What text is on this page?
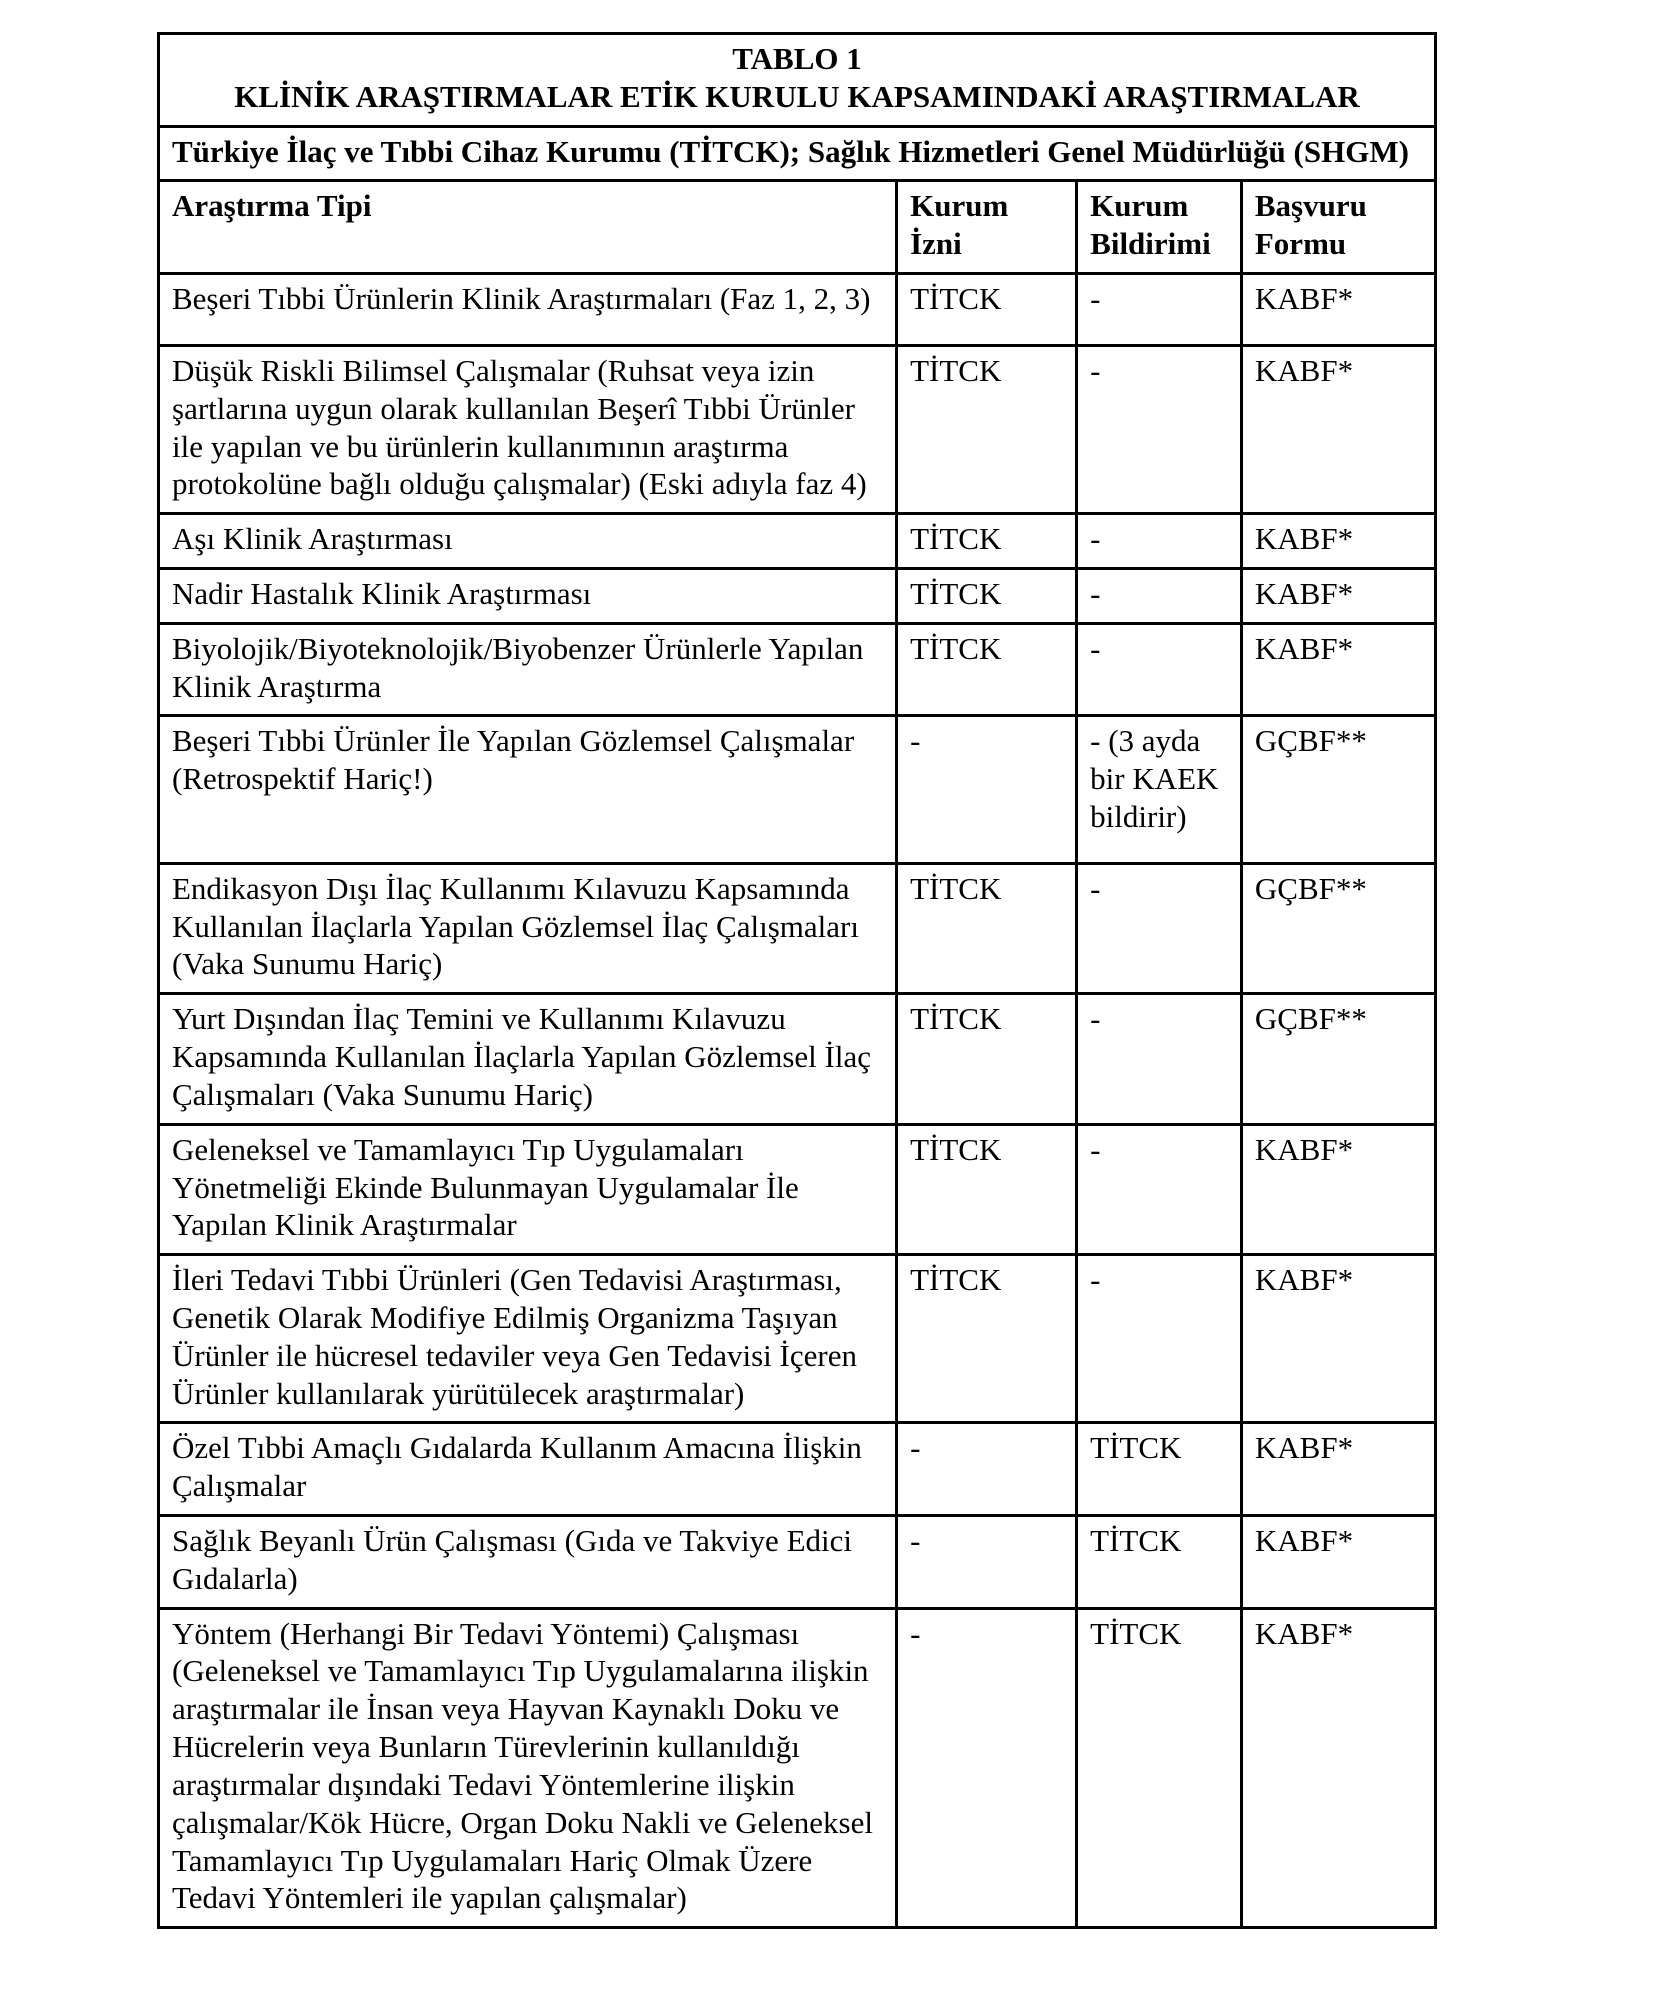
TABLO 1
KLİNİK ARAŞTIRMALAR ETİK KURULU KAPSAMINDAKİ ARAŞTIRMALAR			

Türkiye İlaç ve Tıbbi Cihaz Kurumu (TİTCK); Sağlık Hizmetleri Genel Müdürlüğü (SHGM)			
Araştırma Tipi	Kurum İzni	Kurum Bildirimi	Başvuru Formu
Beşeri Tıbbi Ürünlerin Klinik Araştırmaları (Faz 1, 2, 3)	TİTCK	-	KABF*
Düşük Riskli Bilimsel Çalışmalar (Ruhsat veya izin şartlarına uygun olarak kullanılan Beşerî Tıbbi Ürünler ile yapılan ve bu ürünlerin kullanımının araştırma protokolüne bağlı olduğu çalışmalar) (Eski adıyla faz 4)	TİTCK	-	KABF*
Aşı Klinik Araştırması	TİTCK	-	KABF*
Nadir Hastalık Klinik Araştırması	TİTCK	-	KABF*
Biyolojik/Biyoteknolojik/Biyobenzer Ürünlerle Yapılan Klinik Araştırma	TİTCK	-	KABF*
Beşeri Tıbbi Ürünler İle Yapılan Gözlemsel Çalışmalar (Retrospektif Hariç!)	-	- (3 ayda bir KAEK bildirir)	GÇBF**
Endikasyon Dışı İlaç Kullanımı Kılavuzu Kapsamında Kullanılan İlaçlarla Yapılan Gözlemsel İlaç Çalışmaları (Vaka Sunumu Hariç)	TİTCK	-	GÇBF**
Yurt Dışından İlaç Temini ve Kullanımı Kılavuzu Kapsamında Kullanılan İlaçlarla Yapılan Gözlemsel İlaç Çalışmaları (Vaka Sunumu Hariç)	TİTCK	-	GÇBF**
Geleneksel ve Tamamlayıcı Tıp Uygulamaları Yönetmeliği Ekinde Bulunmayan Uygulamalar İle Yapılan Klinik Araştırmalar	TİTCK	-	KABF*
İleri Tedavi Tıbbi Ürünleri (Gen Tedavisi Araştırması, Genetik Olarak Modifiye Edilmiş Organizma Taşıyan Ürünler ile hücresel tedaviler veya Gen Tedavisi İçeren Ürünler kullanılarak yürütülecek araştırmalar)	TİTCK	-	KABF*
Özel Tıbbi Amaçlı Gıdalarda Kullanım Amacına İlişkin Çalışmalar	-	TİTCK	KABF*
Sağlık Beyanlı Ürün Çalışması (Gıda ve Takviye Edici Gıdalarla)	-	TİTCK	KABF*
Yöntem (Herhangi Bir Tedavi Yöntemi) Çalışması (Geleneksel ve Tamamlayıcı Tıp Uygulamalarına ilişkin araştırmalar ile İnsan veya Hayvan Kaynaklı Doku ve Hücrelerin veya Bunların Türevlerinin kullanıldığı araştırmalar dışındaki Tedavi Yöntemlerine ilişkin çalışmalar/Kök Hücre, Organ Doku Nakli ve Geleneksel Tamamlayıcı Tıp Uygulamaları Hariç Olmak Üzere Tedavi Yöntemleri ile yapılan çalışmalar)	-	TİTCK	KABF*
